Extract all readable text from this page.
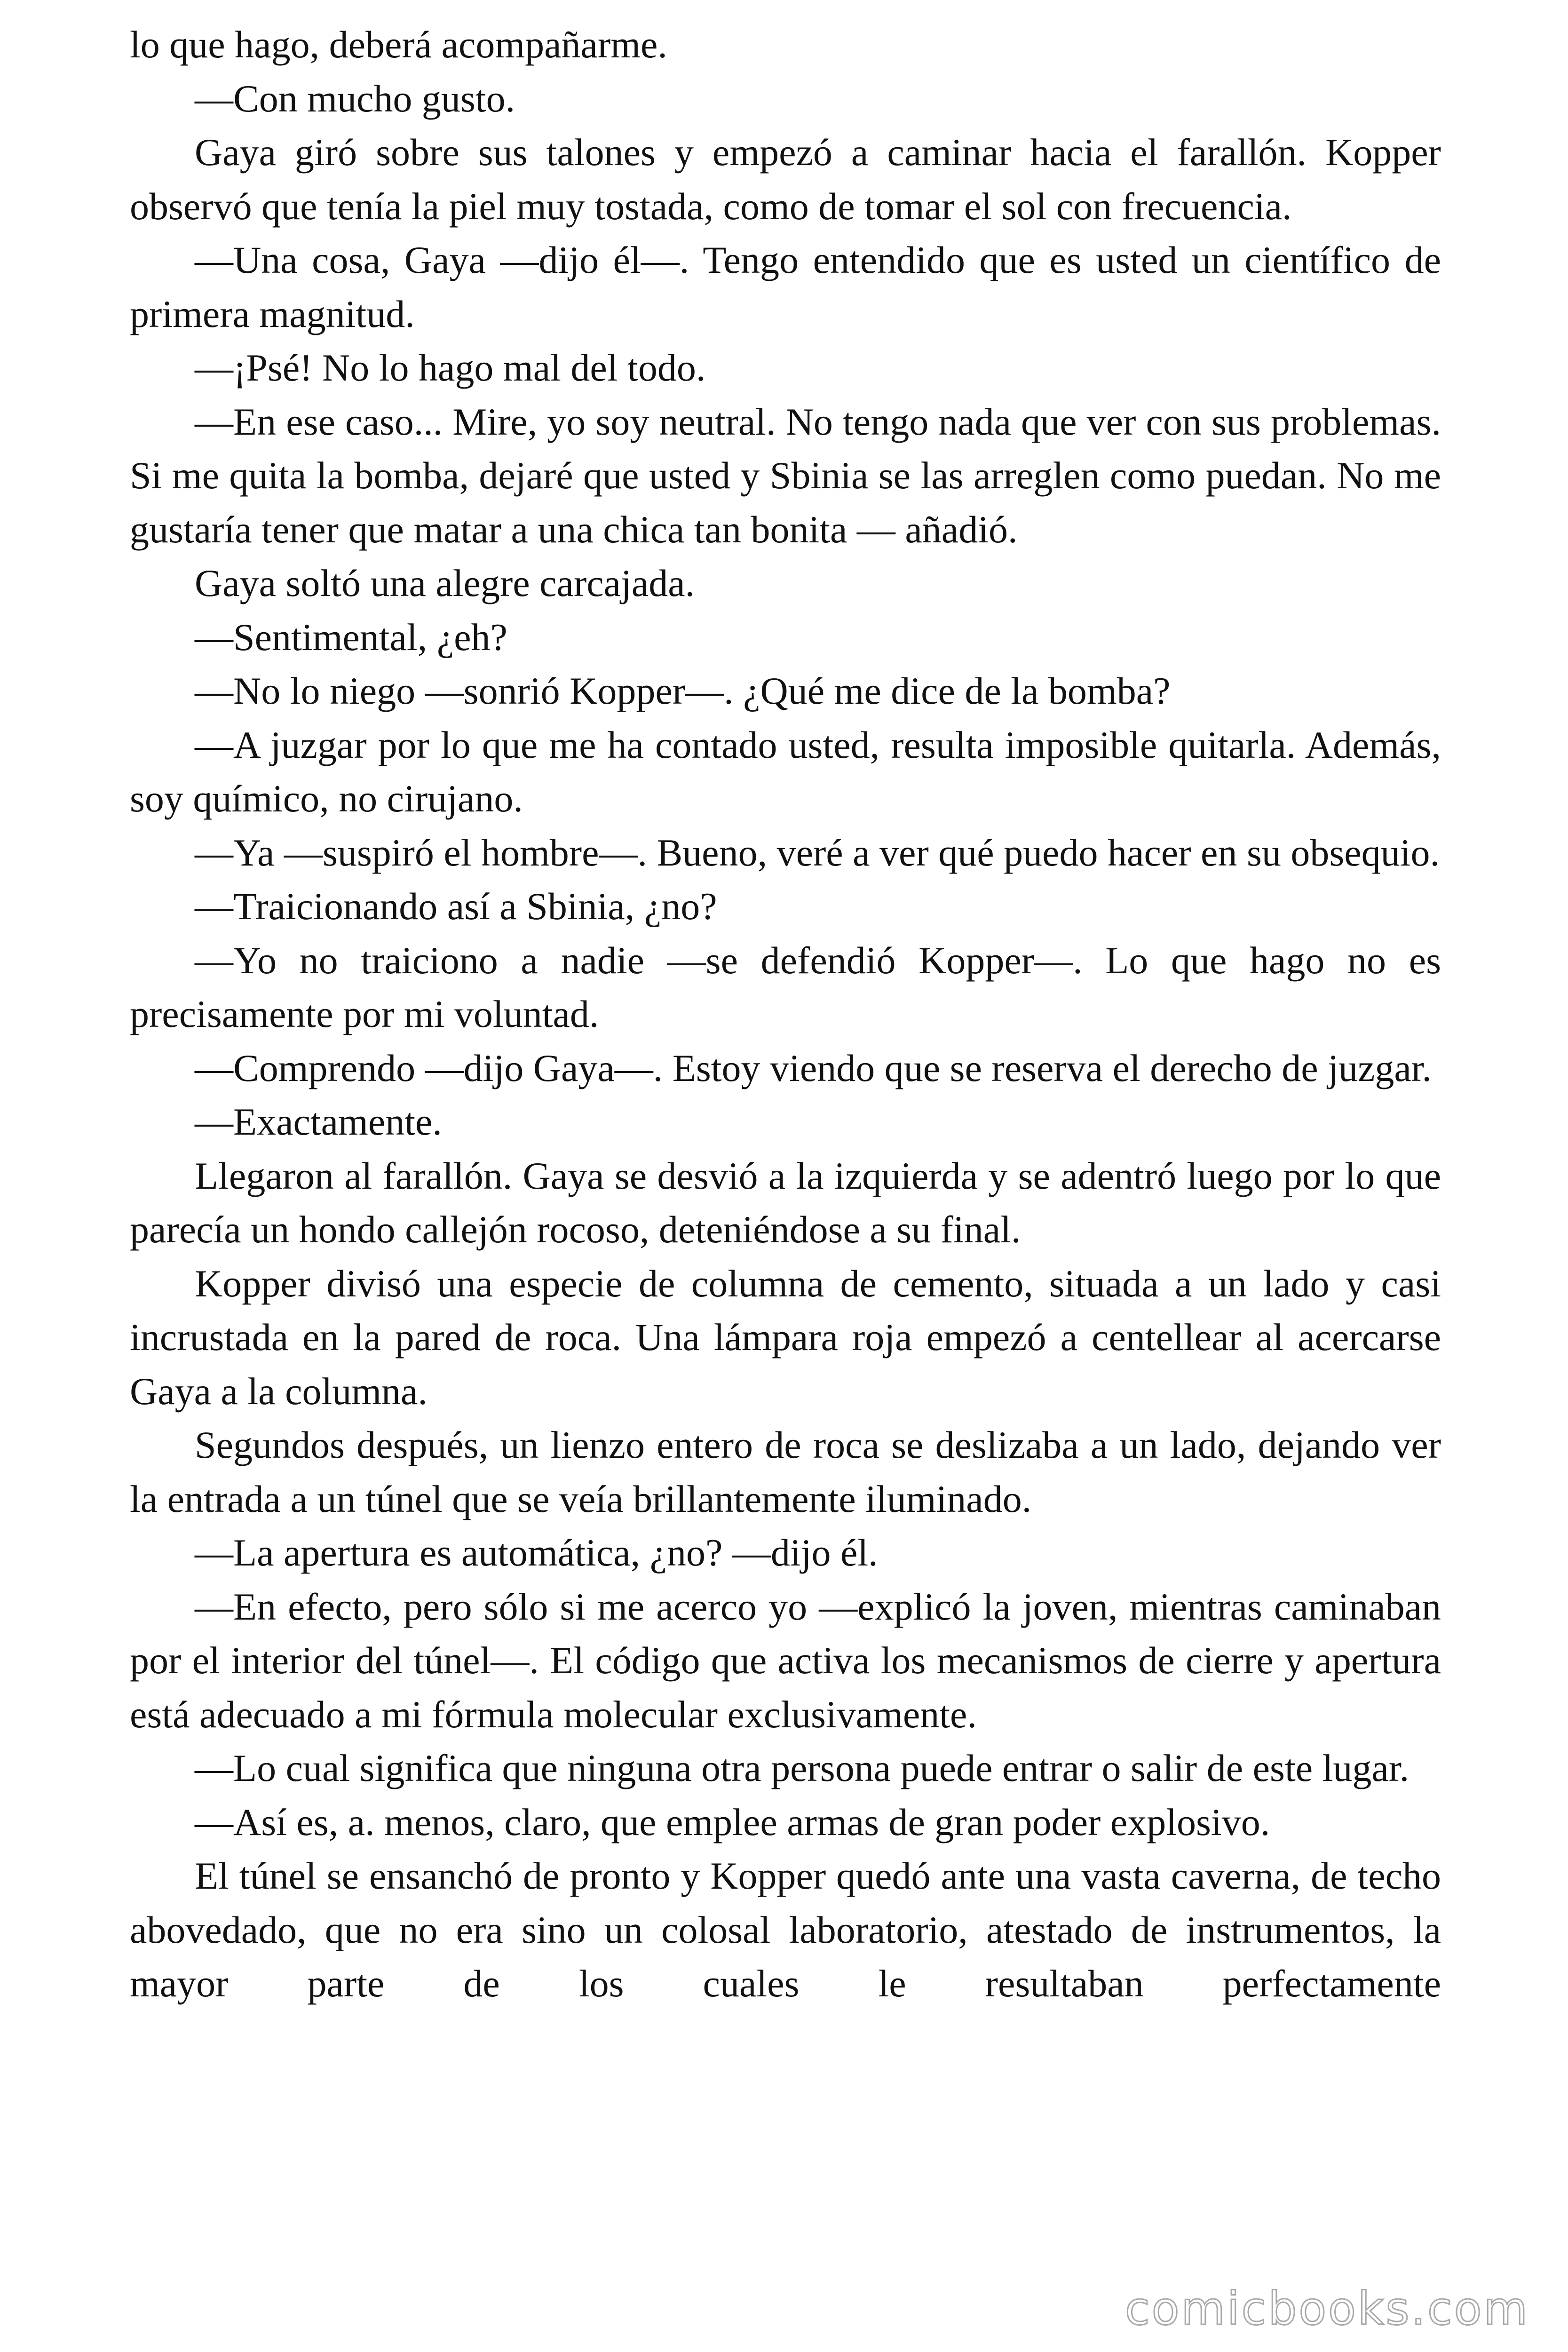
lo que hago, deberá acompañarme.

—Con mucho gusto.

Gaya giró sobre sus talones y empezó a caminar hacia el farallón. Kopper observó que tenía la piel muy tostada, como de tomar el sol con frecuencia.

—Una cosa, Gaya —dijo él—. Tengo entendido que es usted un científico de primera magnitud.

—¡Psé! No lo hago mal del todo.

—En ese caso... Mire, yo soy neutral. No tengo nada que ver con sus problemas. Si me quita la bomba, dejaré que usted y Sbinia se las arreglen como puedan. No me gustaría tener que matar a una chica tan bonita — añadió.

Gaya soltó una alegre carcajada.

—Sentimental, ¿eh?

—No lo niego —sonrió Kopper—. ¿Qué me dice de la bomba?

—A juzgar por lo que me ha contado usted, resulta imposible quitarla. Además, soy químico, no cirujano.

—Ya —suspiró el hombre—. Bueno, veré a ver qué puedo hacer en su obsequio.

—Traicionando así a Sbinia, ¿no?

—Yo no traiciono a nadie —se defendió Kopper—. Lo que hago no es precisamente por mi voluntad.

—Comprendo —dijo Gaya—. Estoy viendo que se reserva el derecho de juzgar.

—Exactamente.

Llegaron al farallón. Gaya se desvió a la izquierda y se adentró luego por lo que parecía un hondo callejón rocoso, deteniéndose a su final.

Kopper divisó una especie de columna de cemento, situada a un lado y casi incrustada en la pared de roca. Una lámpara roja empezó a centellear al acercarse Gaya a la columna.

Segundos después, un lienzo entero de roca se deslizaba a un lado, dejando ver la entrada a un túnel que se veía brillantemente iluminado.

—La apertura es automática, ¿no? —dijo él.

—En efecto, pero sólo si me acerco yo —explicó la joven, mientras caminaban por el interior del túnel—. El código que activa los mecanismos de cierre y apertura está adecuado a mi fórmula molecular exclusivamente.

—Lo cual significa que ninguna otra persona puede entrar o salir de este lugar.

—Así es, a. menos, claro, que emplee armas de gran poder explosivo.

El túnel se ensanchó de pronto y Kopper quedó ante una vasta caverna, de techo abovedado, que no era sino un colosal laboratorio, atestado de instrumentos, la mayor parte de los cuales le resultaban perfectamente

comicbooks.com
